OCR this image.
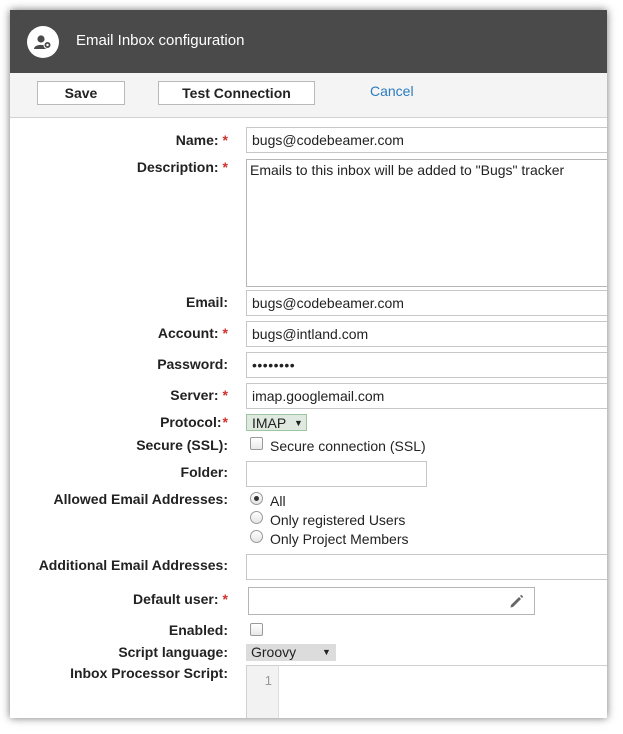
Email Inbox configuration
Save	Test Connection	Cancel
Name: *	bugs@codebeamer.com
Description: * Emails to this inbox will be added to "Bugs" tracker
Email:	bugs@codebeamer.com
Account: *	bugs@intland.com
Password:	••••••••
Server: *	imap.googlemail.com
Protocol:*	IMAP ▼
Secure (SSL):	Secure connection (SSL)
Folder:
Allowed Email Addresses:	All
Only registered Users
Only Project Members
Additional Email Addresses:
Default user: *
Enabled:
Script language:	Groovy	▼
Inbox Processor Script:	1
